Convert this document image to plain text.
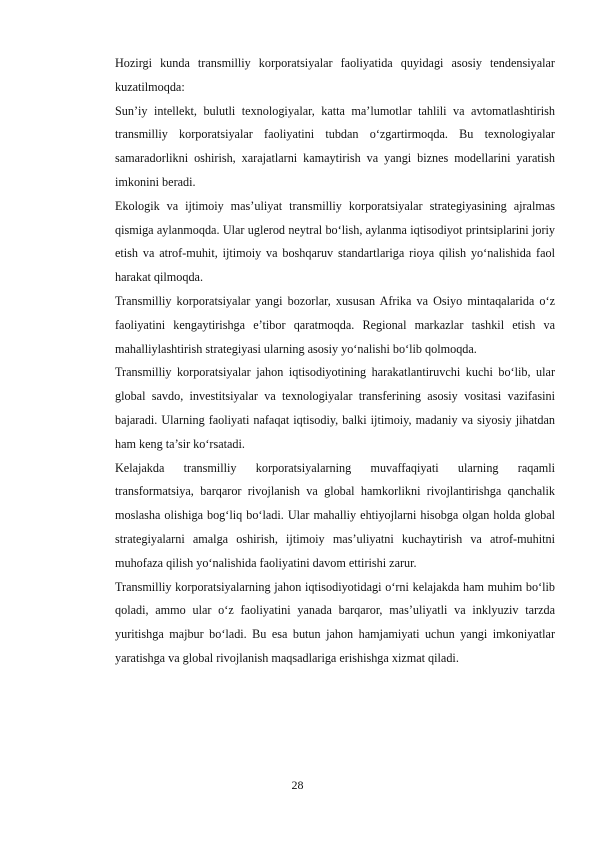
Hozirgi kunda transmilliy korporatsiyalar faoliyatida quyidagi asosiy tendensiyalar kuzatilmoqda:

Sun’iy intellekt, bulutli texnologiyalar, katta ma’lumotlar tahlili va avtomatlashtirish transmilliy korporatsiyalar faoliyatini tubdan o‘zgartirmoqda. Bu texnologiyalar samaradorlikni oshirish, xarajatlarni kamaytirish va yangi biznes modellarini yaratish imkonini beradi.

Ekologik va ijtimoiy mas’uliyat transmilliy korporatsiyalar strategiyasining ajralmas qismiga aylanmoqda. Ular uglerod neytral bo‘lish, aylanma iqtisodiyot printsiplarini joriy etish va atrof-muhit, ijtimoiy va boshqaruv standartlariga rioya qilish yo‘nalishida faol harakat qilmoqda.

Transmilliy korporatsiyalar yangi bozorlar, xususan Afrika va Osiyo mintaqalarida o‘z faoliyatini kengaytirishga e’tibor qaratmoqda. Regional markazlar tashkil etish va mahalliylashtirish strategiyasi ularning asosiy yo‘nalishi bo‘lib qolmoqda.

Transmilliy korporatsiyalar jahon iqtisodiyotining harakatlantiruvchi kuchi bo‘lib, ular global savdo, investitsiyalar va texnologiyalar transferining asosiy vositasi vazifasini bajaradi. Ularning faoliyati nafaqat iqtisodiy, balki ijtimoiy, madaniy va siyosiy jihatdan ham keng ta’sir ko‘rsatadi.

Kelajakda transmilliy korporatsiyalarning muvaffaqiyati ularning raqamli transformatsiya, barqaror rivojlanish va global hamkorlikni rivojlantirishga qanchalik moslasha olishiga bog‘liq bo‘ladi. Ular mahalliy ehtiyojlarni hisobga olgan holda global strategiyalarni amalga oshirish, ijtimoiy mas’uliyatni kuchaytirish va atrof-muhitni muhofaza qilish yo‘nalishida faoliyatini davom ettirishi zarur.

Transmilliy korporatsiyalarning jahon iqtisodiyotidagi o‘rni kelajakda ham muhim bo‘lib qoladi, ammo ular o‘z faoliyatini yanada barqaror, mas’uliyatli va inklyuziv tarzda yuritishga majbur bo‘ladi. Bu esa butun jahon hamjamiyati uchun yangi imkoniyatlar yaratishga va global rivojlanish maqsadlariga erishishga xizmat qiladi.

28
